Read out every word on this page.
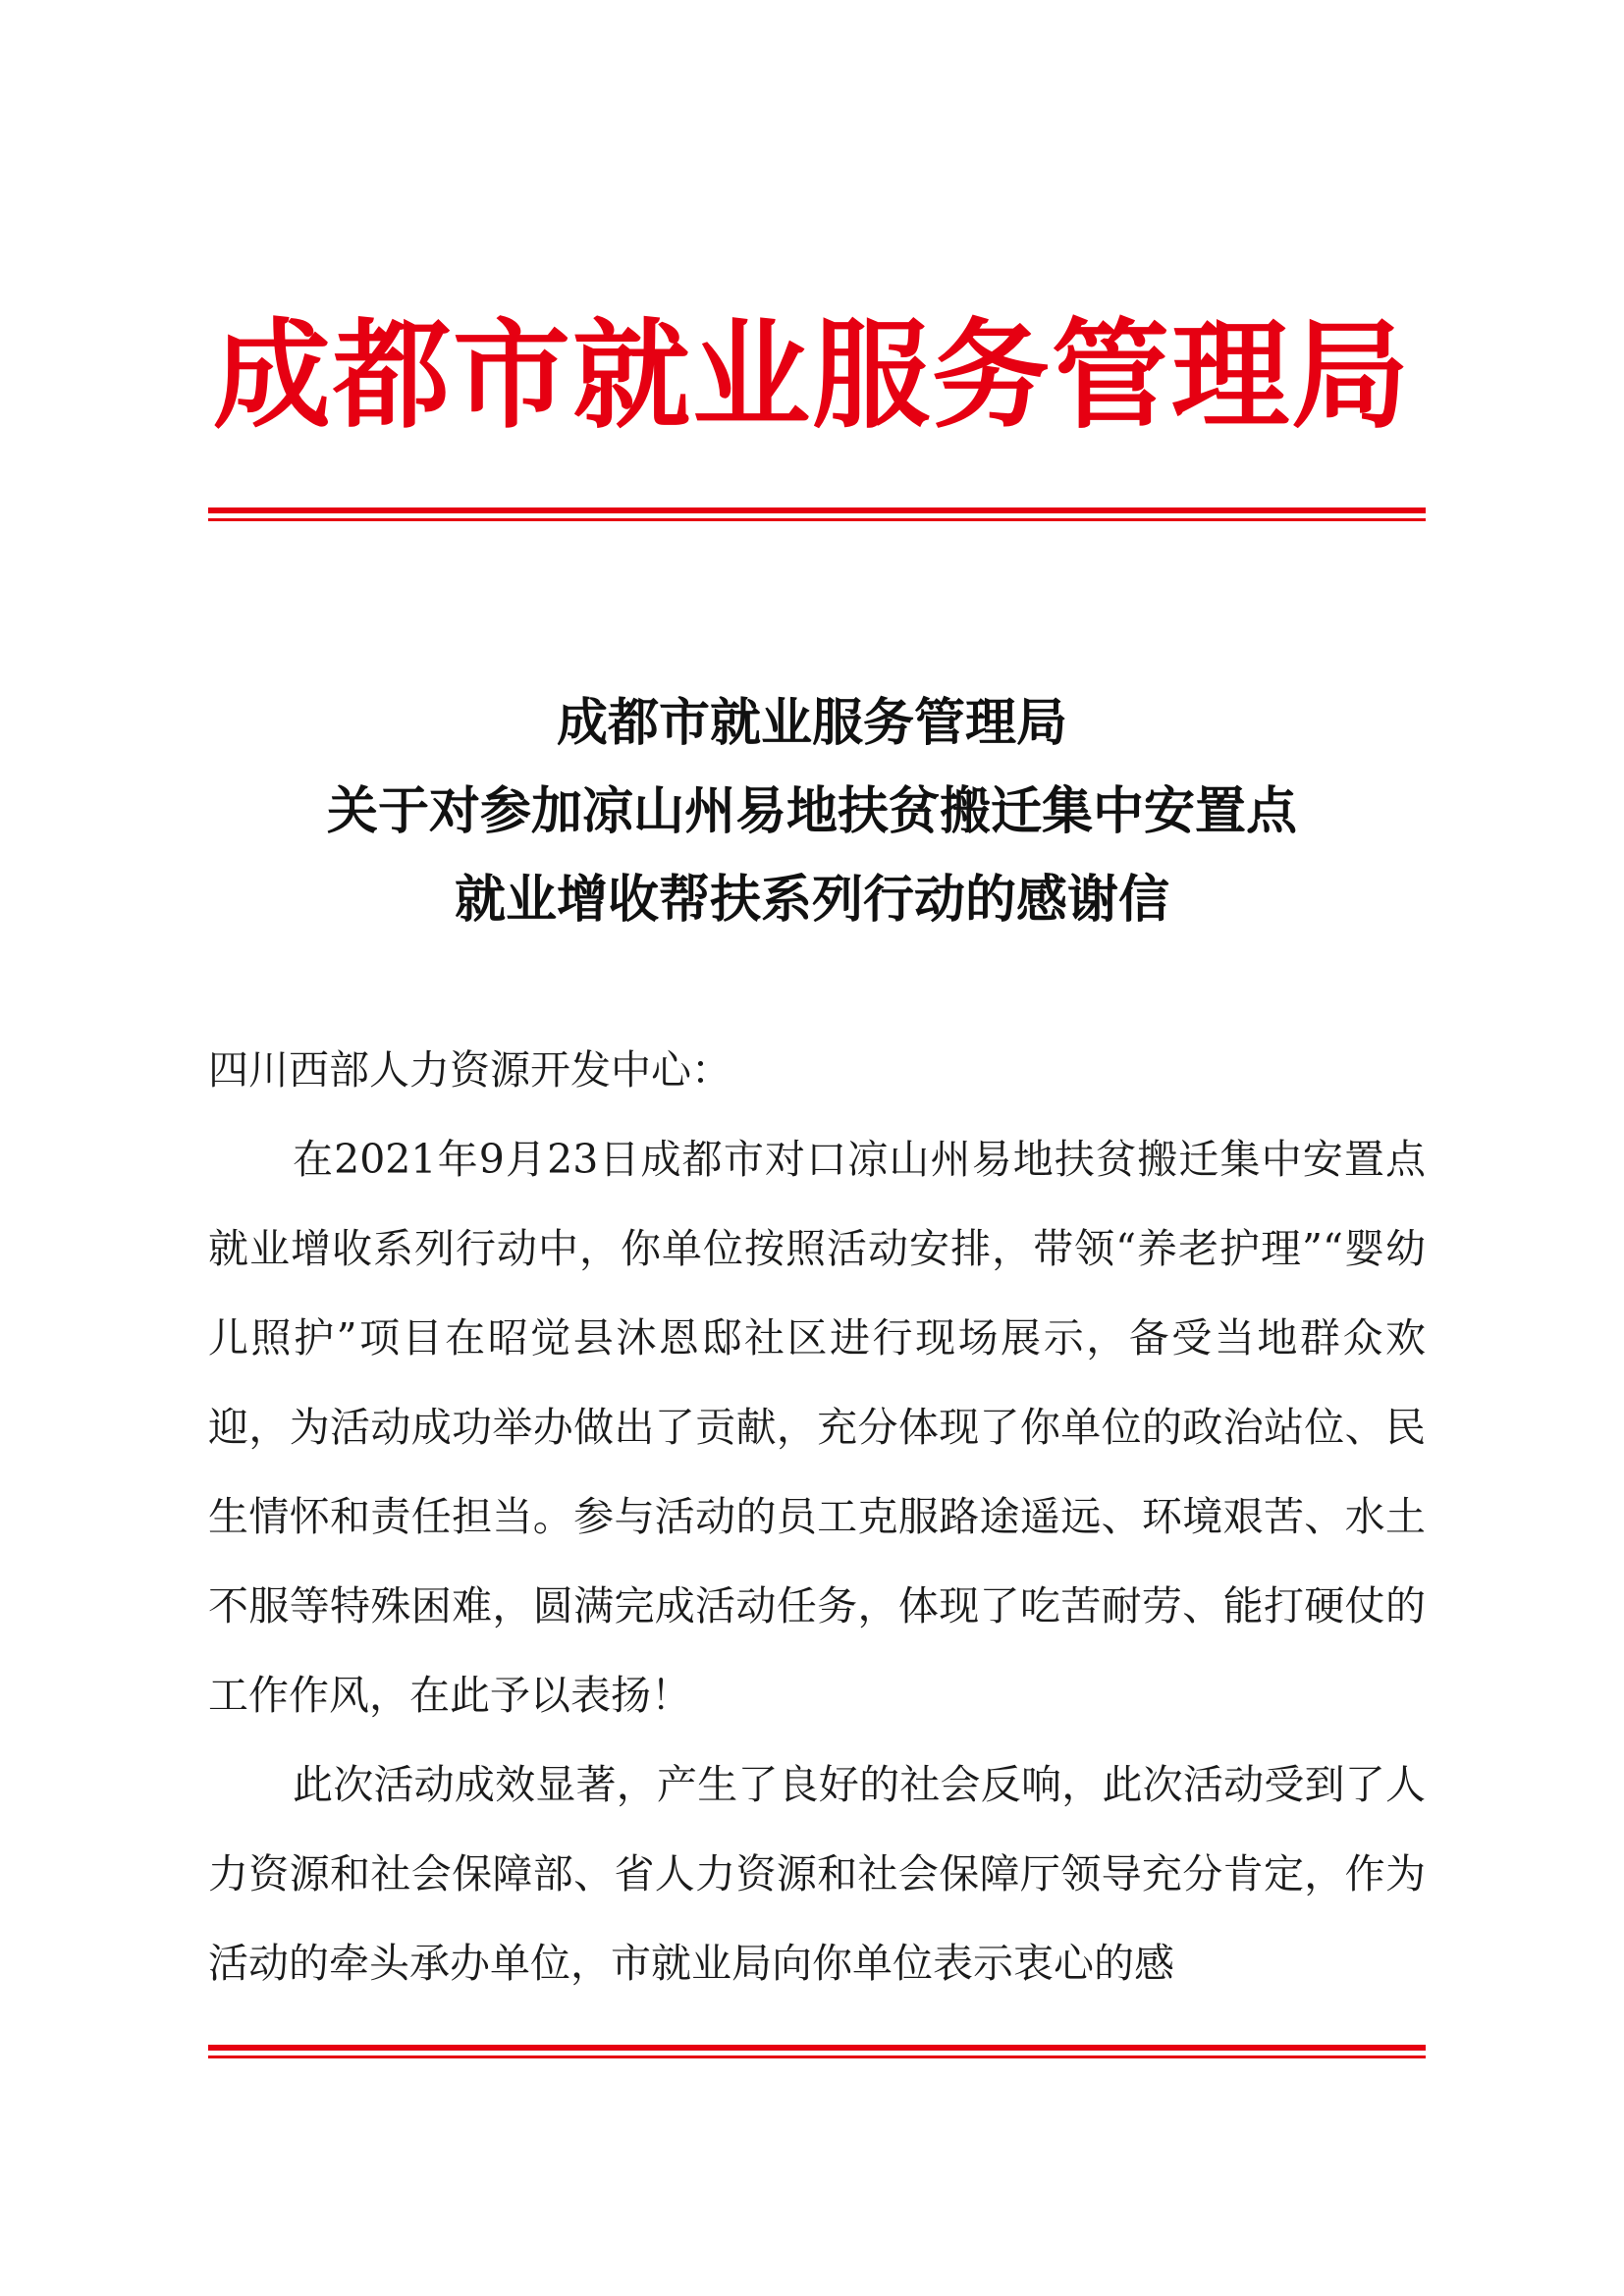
成都市就业服务管理局
成都市就业服务管理局
关于对参加凉山州易地扶贫搬迁集中安置点
就业增收帮扶系列行动的感谢信

四川西部人力资源开发中心：

在2021年9月23日成都市对口凉山州易地扶贫搬迁集中安置点就业增收系列行动中，你单位按照活动安排，带领“养老护理”“婴幼儿照护”项目在昭觉县沐恩邸社区进行现场展示，备受当地群众欢迎，为活动成功举办做出了贡献，充分体现了你单位的政治站位、民生情怀和责任担当。参与活动的员工克服路途遥远、环境艰苦、水土不服等特殊困难，圆满完成活动任务，体现了吃苦耐劳、能打硬仗的工作作风，在此予以表扬！

此次活动成效显著，产生了良好的社会反响，此次活动受到了人力资源和社会保障部、省人力资源和社会保障厅领导充分肯定，作为活动的牵头承办单位，市就业局向你单位表示衷心的感
